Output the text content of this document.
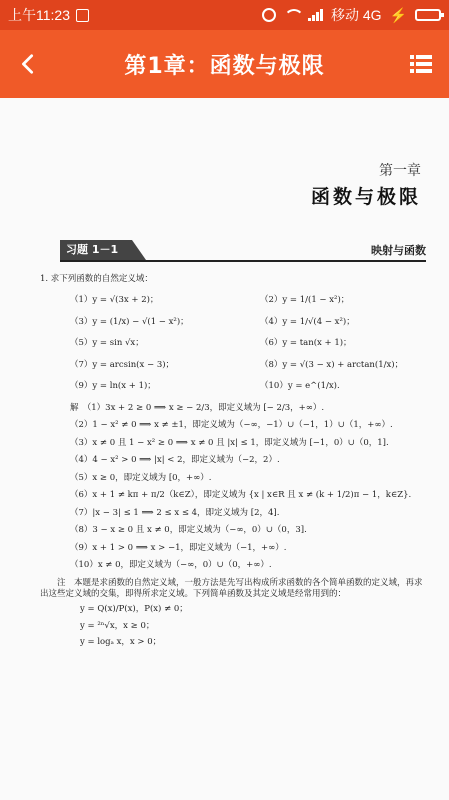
上午11:23	移动 4G ⚡
第1章：函数与极限
第一章
函数与极限
习题 1－1	映射与函数
1. 求下列函数的自然定义域：
（1）y = √(3x + 2)；	（2）y = 1/(1 − x²)；
（3）y = (1/x) − √(1 − x²)；	（4）y = 1/√(4 − x²)；
（5）y = sin √x；	（6）y = tan(x + 1)；
（7）y = arcsin(x − 3)；	（8）y = √(3 − x) + arctan(1/x)；
（9）y = ln(x + 1)；	（10）y = e^(1/x).
解　（1）3x + 2 ≥ 0 ⟹ x ≥ − 2/3，即定义域为 [− 2/3，+∞）.
（2）1 − x² ≠ 0 ⟹ x ≠ ±1，即定义域为（−∞，−1）∪（−1，1）∪（1，+∞）.
（3）x ≠ 0 且 1 − x² ≥ 0 ⟹ x ≠ 0 且 |x| ≤ 1，即定义域为 [−1，0）∪（0，1].
（4）4 − x² > 0 ⟹ |x| < 2，即定义域为（−2，2）.
（5）x ≥ 0，即定义域为 [0，+∞）.
（6）x + 1 ≠ kπ + π/2（k∈Z），即定义域为 {x | x∈R 且 x ≠ (k + 1/2)π − 1，k∈Z}.
（7）|x − 3| ≤ 1 ⟹ 2 ≤ x ≤ 4，即定义域为 [2，4].
（8）3 − x ≥ 0 且 x ≠ 0，即定义域为（−∞，0）∪（0，3].
（9）x + 1 > 0 ⟹ x > −1，即定义域为（−1，+∞）.
（10）x ≠ 0，即定义域为（−∞，0）∪（0，+∞）.

注　本题是求函数的自然定义域，一般方法是先写出构成所求函数的各个简单函数的定义域，再求出这些定义域的交集，即得所求定义域。下列简单函数及其定义域是经常用到的：

y = Q(x)/P(x)，P(x) ≠ 0；
y = ²ⁿ√x，x ≥ 0；
y = logₐ x，x > 0；
